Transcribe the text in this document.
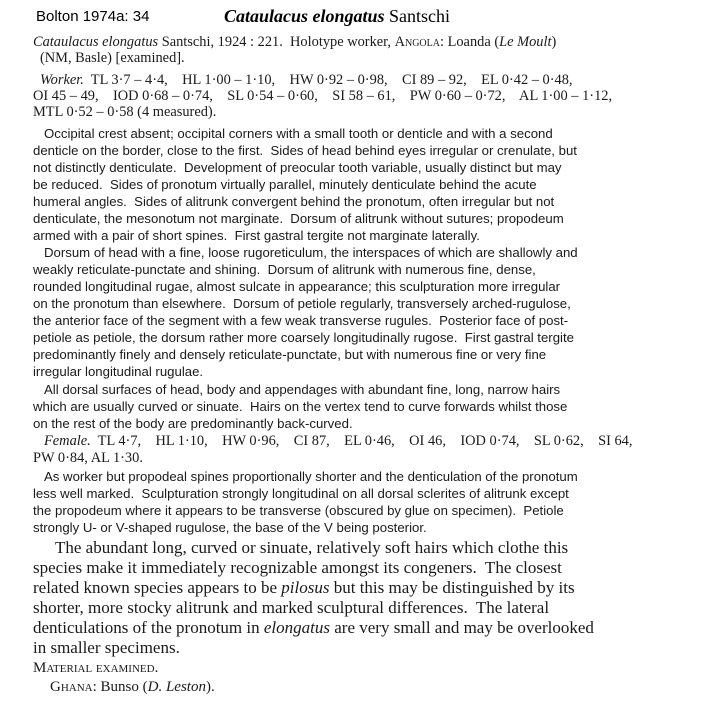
Bolton 1974a: 34	Cataulacus elongatus Santschi
Cataulacus elongatus Santschi, 1924 : 221.  Holotype worker, Angola: Loanda (Le Moult)
(NM, Basle) [examined].
Worker.  TL 3·7 – 4·4,    HL 1·00 – 1·10,    HW 0·92 – 0·98,    CI 89 – 92,    EL 0·42 – 0·48,
OI 45 – 49,    IOD 0·68 – 0·74,    SL 0·54 – 0·60,    SI 58 – 61,    PW 0·60 – 0·72,    AL 1·00 – 1·12,
MTL 0·52 – 0·58 (4 measured).
Occipital crest absent; occipital corners with a small tooth or denticle and with a second
denticle on the border, close to the first.  Sides of head behind eyes irregular or crenulate, but
not distinctly denticulate.  Development of preocular tooth variable, usually distinct but may
be reduced.  Sides of pronotum virtually parallel, minutely denticulate behind the acute
humeral angles.  Sides of alitrunk convergent behind the pronotum, often irregular but not
denticulate, the mesonotum not marginate.  Dorsum of alitrunk without sutures; propodeum
armed with a pair of short spines.  First gastral tergite not marginate laterally.
Dorsum of head with a fine, loose rugoreticulum, the interspaces of which are shallowly and
weakly reticulate-punctate and shining.  Dorsum of alitrunk with numerous fine, dense,
rounded longitudinal rugae, almost sulcate in appearance; this sculpturation more irregular
on the pronotum than elsewhere.  Dorsum of petiole regularly, transversely arched-rugulose,
the anterior face of the segment with a few weak transverse rugules.  Posterior face of post-
petiole as petiole, the dorsum rather more coarsely longitudinally rugose.  First gastral tergite
predominantly finely and densely reticulate-punctate, but with numerous fine or very fine
irregular longitudinal rugulae.
All dorsal surfaces of head, body and appendages with abundant fine, long, narrow hairs
which are usually curved or sinuate.  Hairs on the vertex tend to curve forwards whilst those
on the rest of the body are predominantly back-curved.
Female.  TL 4·7,    HL 1·10,    HW 0·96,    CI 87,    EL 0·46,    OI 46,    IOD 0·74,    SL 0·62,    SI 64,
PW 0·84, AL 1·30.
As worker but propodeal spines proportionally shorter and the denticulation of the pronotum
less well marked.  Sculpturation strongly longitudinal on all dorsal sclerites of alitrunk except
the propodeum where it appears to be transverse (obscured by glue on specimen).  Petiole
strongly U- or V-shaped rugulose, the base of the V being posterior.
The abundant long, curved or sinuate, relatively soft hairs which clothe this
species make it immediately recognizable amongst its congeners.  The closest
related known species appears to be pilosus but this may be distinguished by its
shorter, more stocky alitrunk and marked sculptural differences.  The lateral
denticulations of the pronotum in elongatus are very small and may be overlooked
in smaller specimens.
Material examined.
Ghana: Bunso (D. Leston).
